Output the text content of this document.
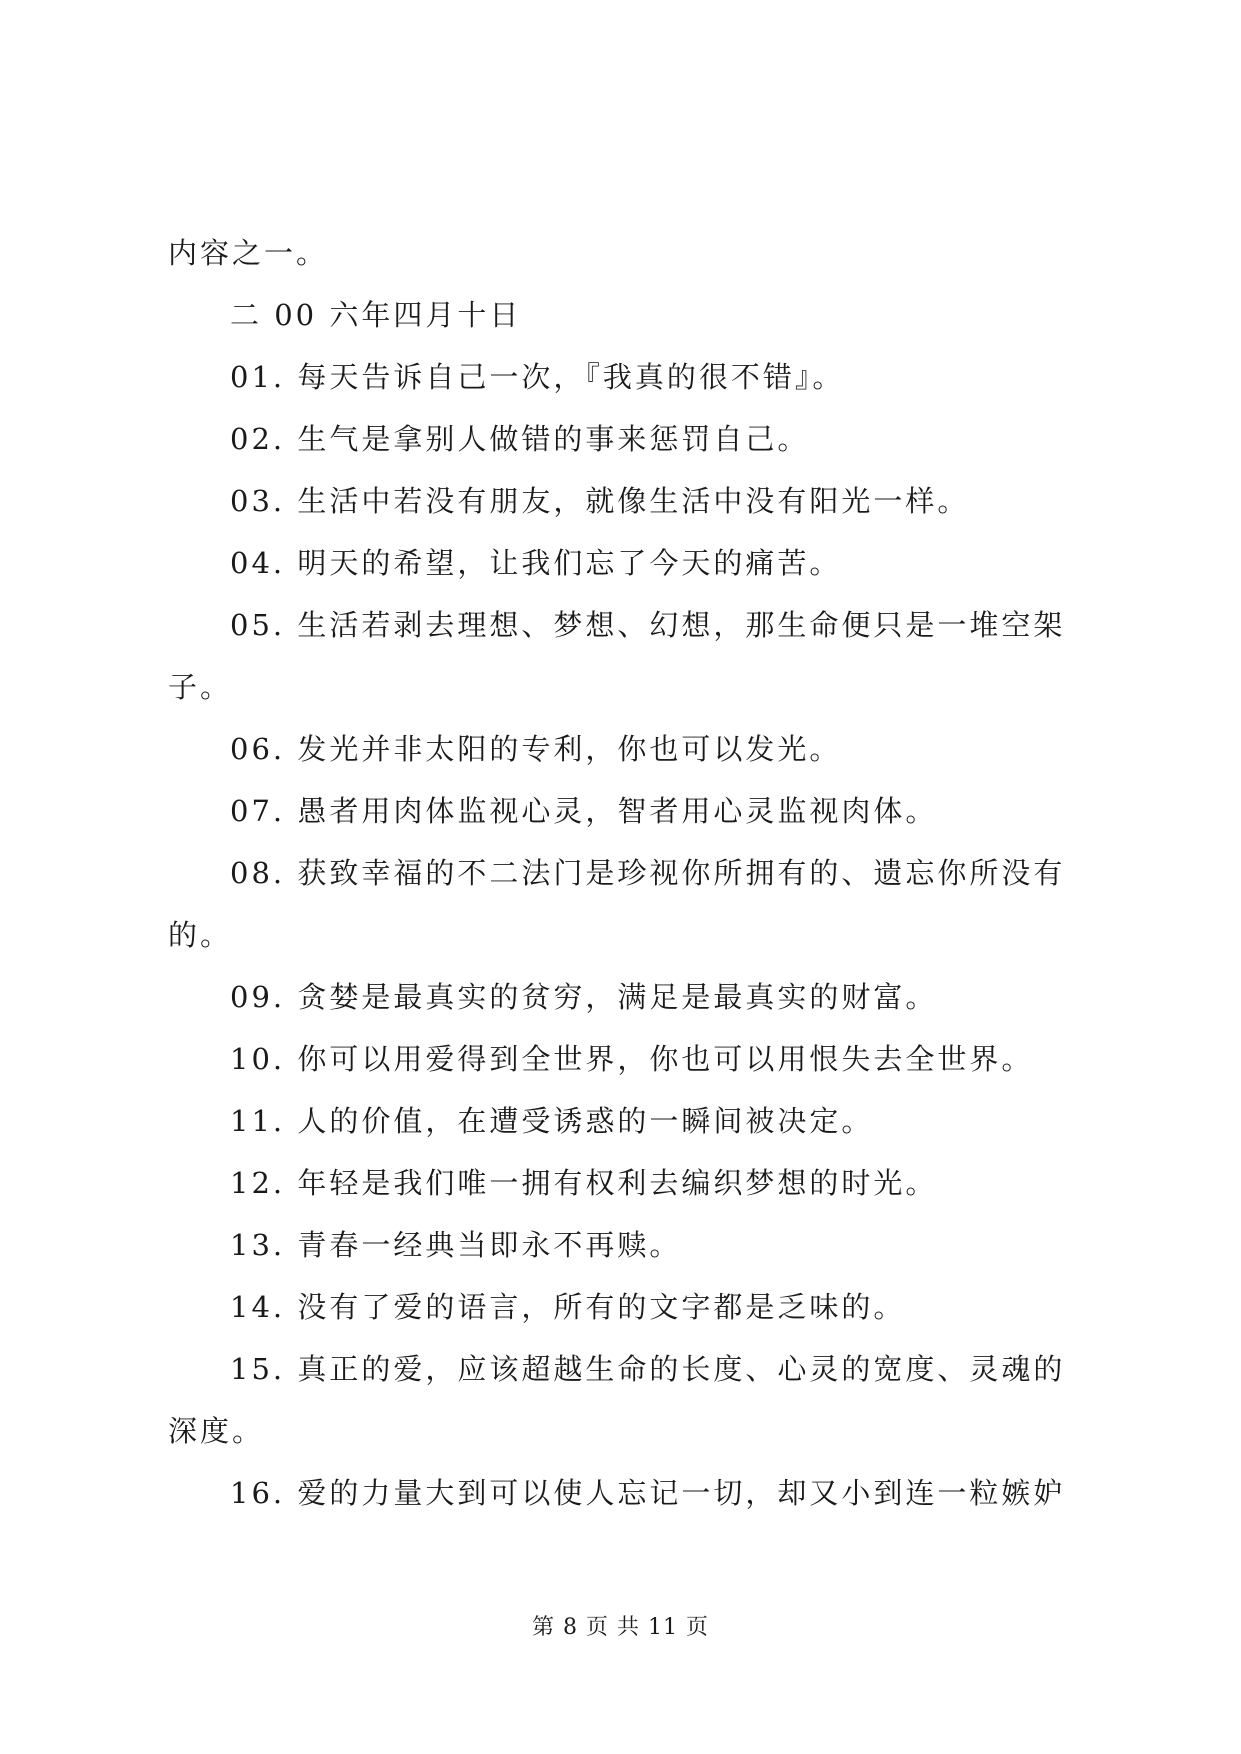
内容之一。
二 00 六年四月十日
01. 每天告诉自己一次，『我真的很不错』。
02. 生气是拿别人做错的事来惩罚自己。
03. 生活中若没有朋友，就像生活中没有阳光一样。
04. 明天的希望，让我们忘了今天的痛苦。
05. 生活若剥去理想、梦想、幻想，那生命便只是一堆空架
子。
06. 发光并非太阳的专利，你也可以发光。
07. 愚者用肉体监视心灵，智者用心灵监视肉体。
08. 获致幸福的不二法门是珍视你所拥有的、遗忘你所没有
的。
09. 贪婪是最真实的贫穷，满足是最真实的财富。
10. 你可以用爱得到全世界，你也可以用恨失去全世界。
11. 人的价值，在遭受诱惑的一瞬间被决定。
12. 年轻是我们唯一拥有权利去编织梦想的时光。
13. 青春一经典当即永不再赎。
14. 没有了爱的语言，所有的文字都是乏味的。
15. 真正的爱，应该超越生命的长度、心灵的宽度、灵魂的
深度。
16. 爱的力量大到可以使人忘记一切，却又小到连一粒嫉妒
第 8 页 共 11 页
